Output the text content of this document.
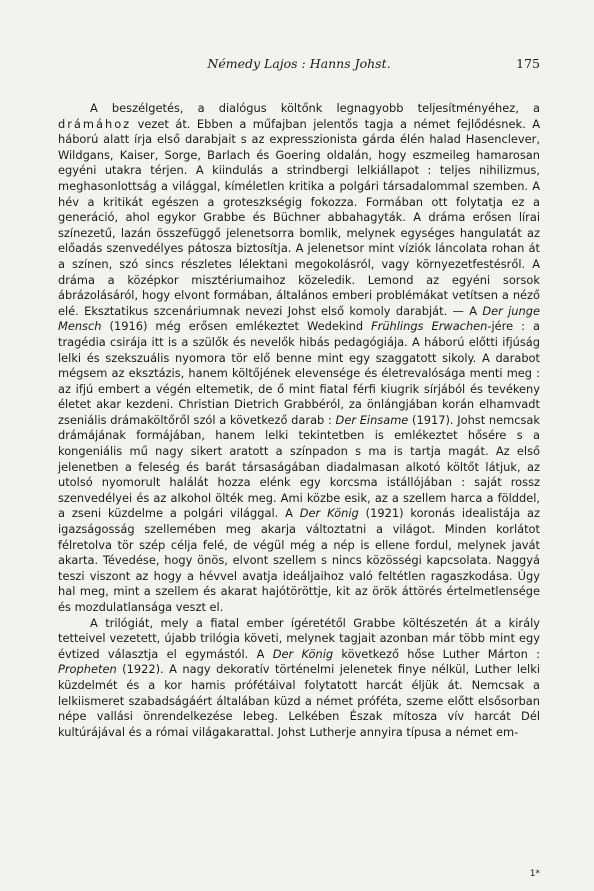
Némedy Lajos : Hanns Johst.	175

A beszélgetés, a dialógus költőnk legnagyobb teljesítményéhez, a drámához vezet át. Ebben a műfajban jelentős tagja a német fejlődésnek. A háború alatt írja első darabjait s az expresszionista gárda élén halad Hasenclever, Wildgans, Kaiser, Sorge, Barlach és Goering oldalán, hogy eszmeileg hamarosan egyéni utakra térjen. A kiindulás a strindbergi lelkiállapot : teljes nihilizmus, meghasonlottság a világgal, kíméletlen kritika a polgári társadalommal szemben. A hév a kritikát egészen a groteszkségig fokozza. Formában ott folytatja ez a generáció, ahol egykor Grabbe és Büchner abbahagyták. A dráma erősen lírai színezetű, lazán összefüggő jelenetsorra bomlik, melynek egységes hangulatát az előadás szenvedélyes pátosza biztosítja. A jelenetsor mint víziók láncolata rohan át a színen, szó sincs részletes lélektani megokolásról, vagy környezetfestésről. A dráma a középkor misztériumaihoz közeledik. Lemond az egyéni sorsok ábrázolásáról, hogy elvont formában, általános emberi problémákat vetítsen a néző elé. Eksztatikus szcenáriumnak nevezi Johst első komoly darabját. — A Der junge Mensch (1916) még erősen emlékeztet Wedekind Frühlings Erwachen-jére : a tragédia csirája itt is a szülők és nevelők hibás pedagógiája. A háború előtti ifjúság lelki és szekszuális nyomora tör elő benne mint egy szaggatott sikoly. A darabot mégsem az eksztázis, hanem költőjének elevensége és életrevalósága menti meg : az ifjú embert a végén eltemetik, de ő mint fiatal férfi kiugrik sírjából és tevékeny életet akar kezdeni. Christian Dietrich Grabbéról, za önlángjában korán elhamvadt zseniális drámaköltőről szól a következő darab : Der Einsame (1917). Johst nemcsak drámájának formájában, hanem lelki tekintetben is emlékeztet hősére s a kongeniális mű nagy sikert aratott a színpadon s ma is tartja magát. Az első jelenetben a feleség és barát társaságában diadalmasan alkotó költőt látjuk, az utolsó nyomorult halálát hozza elénk egy korcsma istállójában : saját rossz szenvedélyei és az alkohol ölték meg. Ami közbe esik, az a szellem harca a földdel, a zseni küzdelme a polgári világgal. A Der König (1921) koronás idealistája az igazságosság szellemében meg akarja változtatni a világot. Minden korlátot félretolva tör szép célja felé, de végül még a nép is ellene fordul, melynek javát akarta. Tévedése, hogy önös, elvont szellem s nincs közösségi kapcsolata. Naggyá teszi viszont az hogy a hévvel avatja ideáljaihoz való feltétlen ragaszkodása. Úgy hal meg, mint a szellem és akarat hajótöröttje, kit az örök áttörés értelmetlensége és mozdulatlansága veszt el.

A trilógiát, mely a fiatal ember ígéretétől Grabbe költészetén át a király tetteivel vezetett, újabb trilógia követi, melynek tagjait azonban már több mint egy évtized választja el egymástól. A Der König következő hőse Luther Márton : Propheten (1922). A nagy dekoratív történelmi jelenetek finye nélkül, Luther lelki küzdelmét és a kor hamis prófétáival folytatott harcát éljük át. Nemcsak a lelkiismeret szabadságáért általában küzd a német próféta, szeme előtt elsősorban népe vallási önrendelkezése lebeg. Lelkében Észak mítosza vív harcát Dél kultúrájával és a római világakarattal. Johst Lutherje annyira típusa a német em-

1*
